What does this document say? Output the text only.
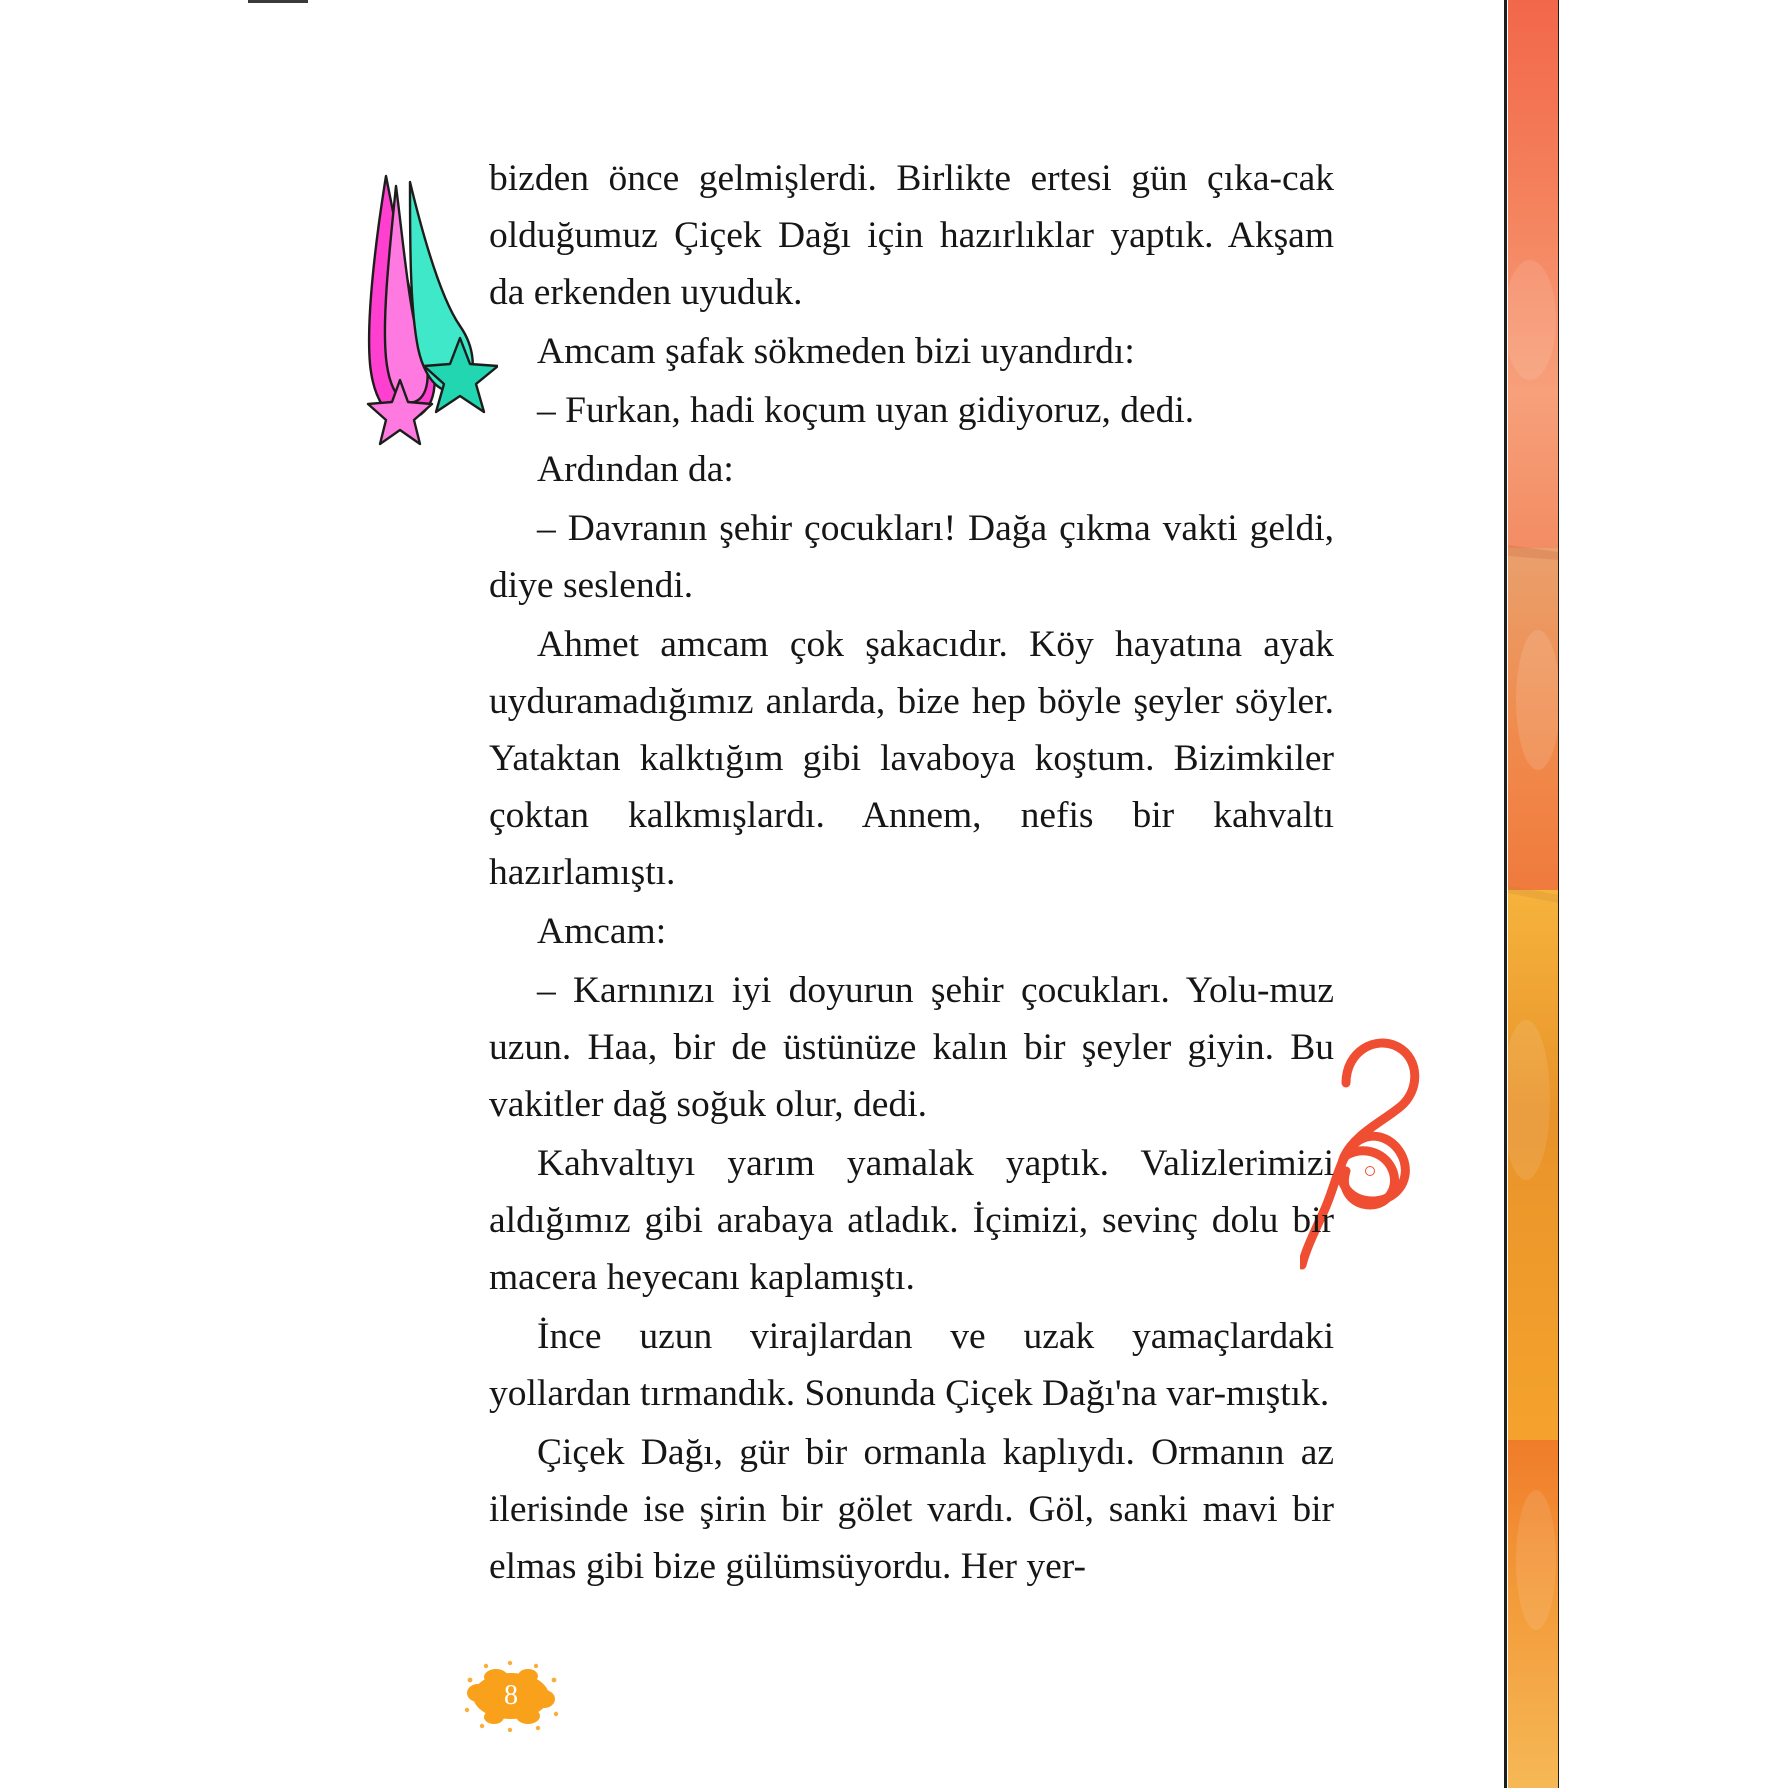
bizden önce gelmişlerdi. Birlikte ertesi gün çıka-cak olduğumuz Çiçek Dağı için hazırlıklar yaptık. Akşam da erkenden uyuduk.

Amcam şafak sökmeden bizi uyandırdı:

– Furkan, hadi koçum uyan gidiyoruz, dedi.

Ardından da:

– Davranın şehir çocukları! Dağa çıkma vakti geldi, diye seslendi.

Ahmet amcam çok şakacıdır. Köy hayatına ayak uyduramadığımız anlarda, bize hep böyle şeyler söyler. Yataktan kalktığım gibi lavaboya koştum. Bizimkiler çoktan kalkmışlardı. Annem, nefis bir kahvaltı hazırlamıştı.

Amcam:

– Karnınızı iyi doyurun şehir çocukları. Yolu-muz uzun. Haa, bir de üstünüze kalın bir şeyler giyin. Bu vakitler dağ soğuk olur, dedi.

Kahvaltıyı yarım yamalak yaptık. Valizlerimizi aldığımız gibi arabaya atladık. İçimizi, sevinç dolu bir macera heyecanı kaplamıştı.

İnce uzun virajlardan ve uzak yamaçlardaki yollardan tırmandık. Sonunda Çiçek Dağı'na var-mıştık.

Çiçek Dağı, gür bir ormanla kaplıydı. Ormanın az ilerisinde ise şirin bir gölet vardı. Göl, sanki mavi bir elmas gibi bize gülümsüyordu. Her yer-

8
